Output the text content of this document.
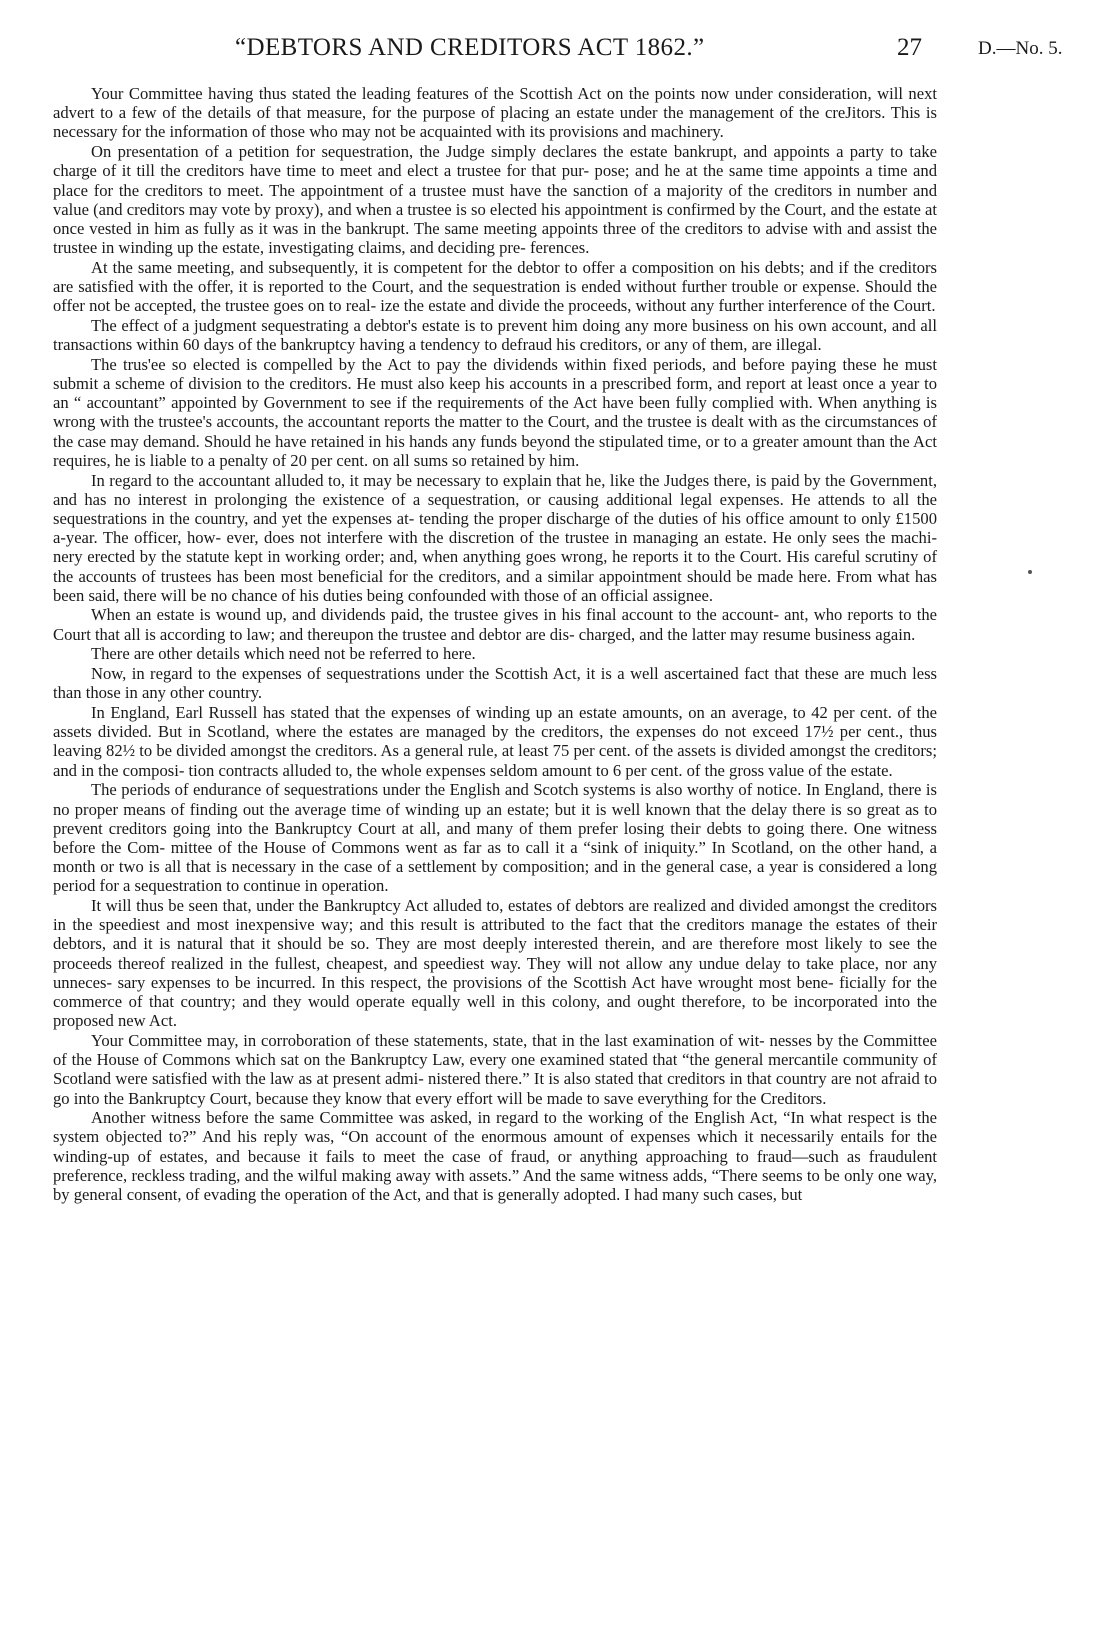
“DEBTORS AND CREDITORS ACT 1862.”	27	D.—No. 5.

Your Committee having thus stated the leading features of the Scottish Act on the points now under consideration, will next advert to a few of the details of that measure, for the purpose of placing an estate under the management of the creJitors. This is necessary for the information of those who may not be acquainted with its provisions and machinery.

On presentation of a petition for sequestration, the Judge simply declares the estate bankrupt, and appoints a party to take charge of it till the creditors have time to meet and elect a trustee for that pur- pose; and he at the same time appoints a time and place for the creditors to meet. The appointment of a trustee must have the sanction of a majority of the creditors in number and value (and creditors may vote by proxy), and when a trustee is so elected his appointment is confirmed by the Court, and the estate at once vested in him as fully as it was in the bankrupt. The same meeting appoints three of the creditors to advise with and assist the trustee in winding up the estate, investigating claims, and deciding pre- ferences.

At the same meeting, and subsequently, it is competent for the debtor to offer a composition on his debts; and if the creditors are satisfied with the offer, it is reported to the Court, and the sequestration is ended without further trouble or expense. Should the offer not be accepted, the trustee goes on to real- ize the estate and divide the proceeds, without any further interference of the Court.

The effect of a judgment sequestrating a debtor's estate is to prevent him doing any more business on his own account, and all transactions within 60 days of the bankruptcy having a tendency to defraud his creditors, or any of them, are illegal.

The trus'ee so elected is compelled by the Act to pay the dividends within fixed periods, and before paying these he must submit a scheme of division to the creditors. He must also keep his accounts in a prescribed form, and report at least once a year to an “ accountant” appointed by Government to see if the requirements of the Act have been fully complied with. When anything is wrong with the trustee's accounts, the accountant reports the matter to the Court, and the trustee is dealt with as the circumstances of the case may demand. Should he have retained in his hands any funds beyond the stipulated time, or to a greater amount than the Act requires, he is liable to a penalty of 20 per cent. on all sums so retained by him.

In regard to the accountant alluded to, it may be necessary to explain that he, like the Judges there, is paid by the Government, and has no interest in prolonging the existence of a sequestration, or causing additional legal expenses. He attends to all the sequestrations in the country, and yet the expenses at- tending the proper discharge of the duties of his office amount to only £1500 a-year. The officer, how- ever, does not interfere with the discretion of the trustee in managing an estate. He only sees the machi- nery erected by the statute kept in working order; and, when anything goes wrong, he reports it to the Court. His careful scrutiny of the accounts of trustees has been most beneficial for the creditors, and a similar appointment should be made here. From what has been said, there will be no chance of his duties being confounded with those of an official assignee.

When an estate is wound up, and dividends paid, the trustee gives in his final account to the account- ant, who reports to the Court that all is according to law; and thereupon the trustee and debtor are dis- charged, and the latter may resume business again.

There are other details which need not be referred to here.

Now, in regard to the expenses of sequestrations under the Scottish Act, it is a well ascertained fact that these are much less than those in any other country.

In England, Earl Russell has stated that the expenses of winding up an estate amounts, on an average, to 42 per cent. of the assets divided. But in Scotland, where the estates are managed by the creditors, the expenses do not exceed 17½ per cent., thus leaving 82½ to be divided amongst the creditors. As a general rule, at least 75 per cent. of the assets is divided amongst the creditors; and in the composi- tion contracts alluded to, the whole expenses seldom amount to 6 per cent. of the gross value of the estate.

The periods of endurance of sequestrations under the English and Scotch systems is also worthy of notice. In England, there is no proper means of finding out the average time of winding up an estate; but it is well known that the delay there is so great as to prevent creditors going into the Bankruptcy Court at all, and many of them prefer losing their debts to going there. One witness before the Com- mittee of the House of Commons went as far as to call it a “sink of iniquity.” In Scotland, on the other hand, a month or two is all that is necessary in the case of a settlement by composition; and in the general case, a year is considered a long period for a sequestration to continue in operation.

It will thus be seen that, under the Bankruptcy Act alluded to, estates of debtors are realized and divided amongst the creditors in the speediest and most inexpensive way; and this result is attributed to the fact that the creditors manage the estates of their debtors, and it is natural that it should be so. They are most deeply interested therein, and are therefore most likely to see the proceeds thereof realized in the fullest, cheapest, and speediest way. They will not allow any undue delay to take place, nor any unneces- sary expenses to be incurred. In this respect, the provisions of the Scottish Act have wrought most bene- ficially for the commerce of that country; and they would operate equally well in this colony, and ought therefore, to be incorporated into the proposed new Act.

Your Committee may, in corroboration of these statements, state, that in the last examination of wit- nesses by the Committee of the House of Commons which sat on the Bankruptcy Law, every one examined stated that “the general mercantile community of Scotland were satisfied with the law as at present admi- nistered there.” It is also stated that creditors in that country are not afraid to go into the Bankruptcy Court, because they know that every effort will be made to save everything for the Creditors.

Another witness before the same Committee was asked, in regard to the working of the English Act, “In what respect is the system objected to?” And his reply was, “On account of the enormous amount of expenses which it necessarily entails for the winding-up of estates, and because it fails to meet the case of fraud, or anything approaching to fraud—such as fraudulent preference, reckless trading, and the wilful making away with assets.” And the same witness adds, “There seems to be only one way, by general consent, of evading the operation of the Act, and that is generally adopted. I had many such cases, but
